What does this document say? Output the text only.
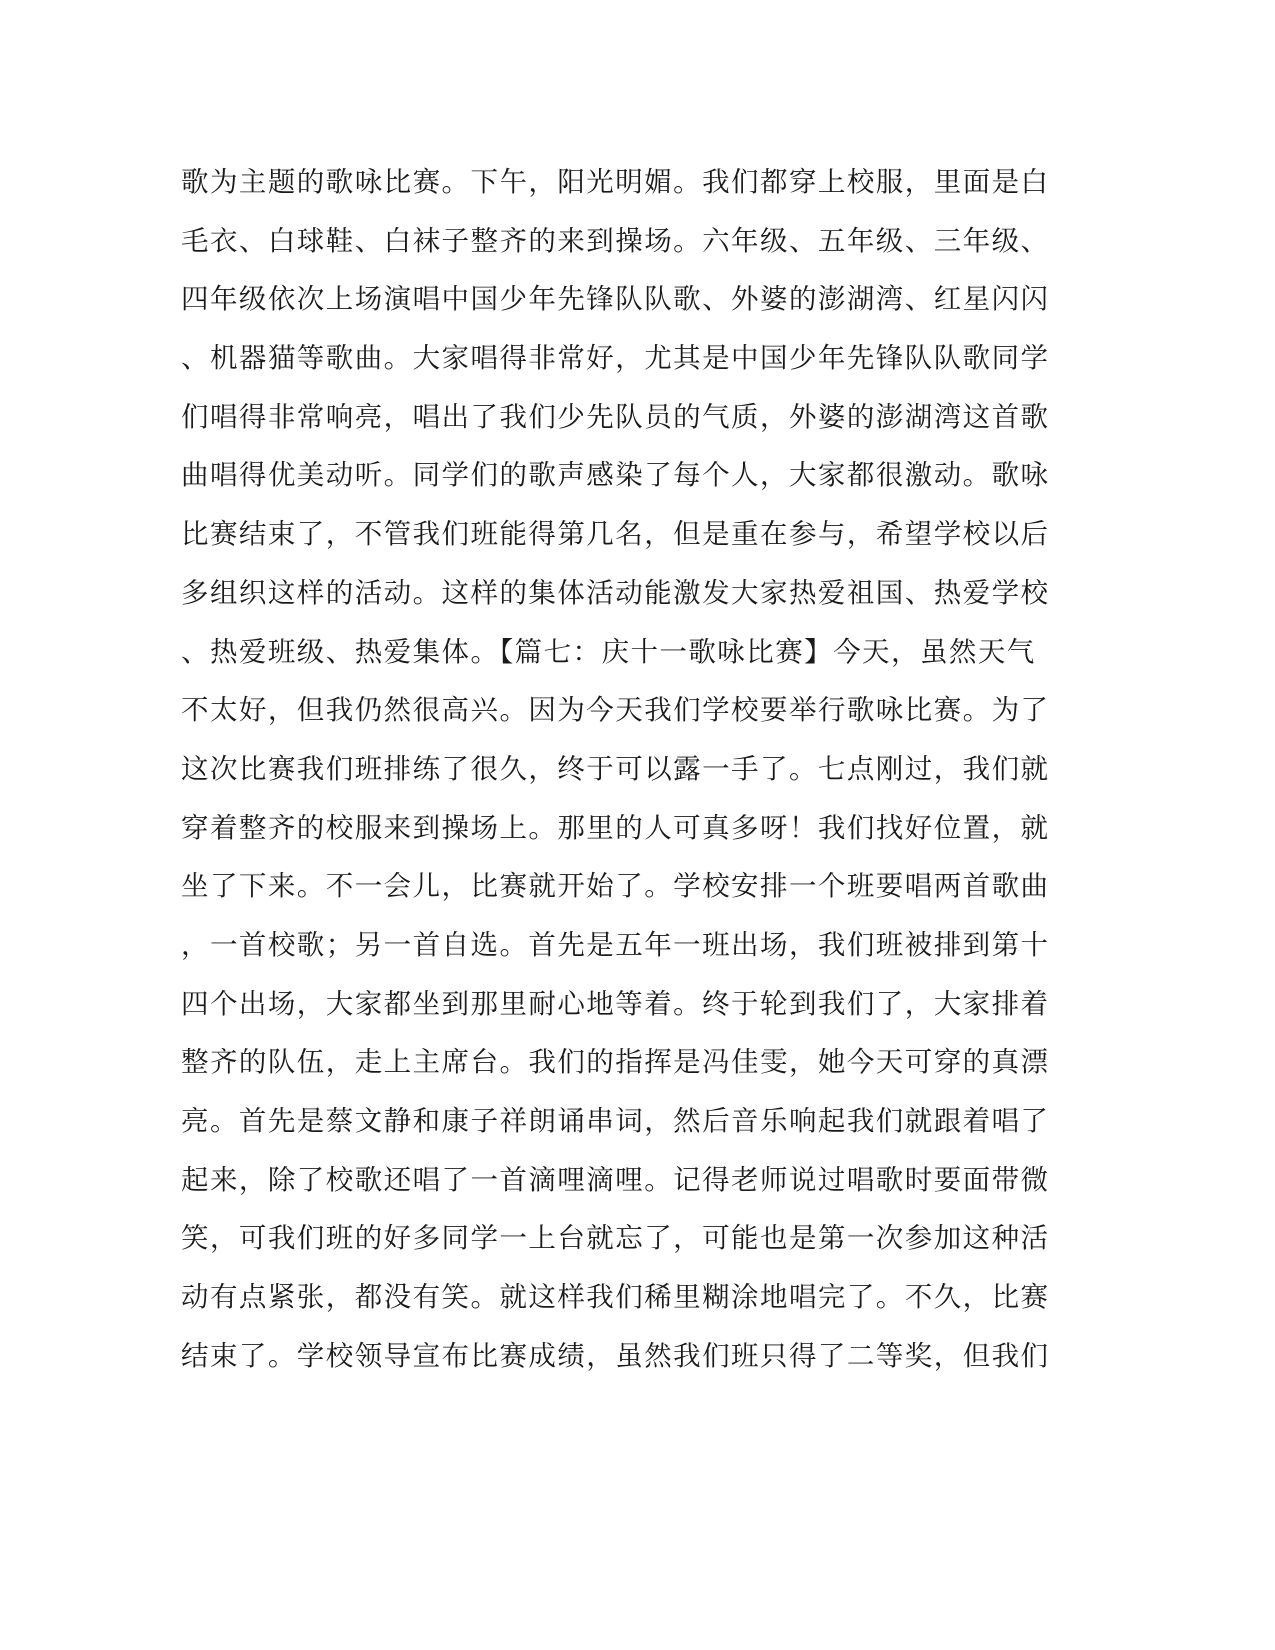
歌为主题的歌咏比赛。下午，阳光明媚。我们都穿上校服，里面是白
毛衣、白球鞋、白袜子整齐的来到操场。六年级、五年级、三年级、
四年级依次上场演唱中国少年先锋队队歌、外婆的澎湖湾、红星闪闪
、机器猫等歌曲。大家唱得非常好，尤其是中国少年先锋队队歌同学
们唱得非常响亮，唱出了我们少先队员的气质，外婆的澎湖湾这首歌
曲唱得优美动听。同学们的歌声感染了每个人，大家都很激动。歌咏
比赛结束了，不管我们班能得第几名，但是重在参与，希望学校以后
多组织这样的活动。这样的集体活动能激发大家热爱祖国、热爱学校
、热爱班级、热爱集体。【篇七：庆十一歌咏比赛】今天，虽然天气
不太好，但我仍然很高兴。因为今天我们学校要举行歌咏比赛。为了
这次比赛我们班排练了很久，终于可以露一手了。七点刚过，我们就
穿着整齐的校服来到操场上。那里的人可真多呀！我们找好位置，就
坐了下来。不一会儿，比赛就开始了。学校安排一个班要唱两首歌曲
，一首校歌；另一首自选。首先是五年一班出场，我们班被排到第十
四个出场，大家都坐到那里耐心地等着。终于轮到我们了，大家排着
整齐的队伍，走上主席台。我们的指挥是冯佳雯，她今天可穿的真漂
亮。首先是蔡文静和康子祥朗诵串词，然后音乐响起我们就跟着唱了
起来，除了校歌还唱了一首滴哩滴哩。记得老师说过唱歌时要面带微
笑，可我们班的好多同学一上台就忘了，可能也是第一次参加这种活
动有点紧张，都没有笑。就这样我们稀里糊涂地唱完了。不久，比赛
结束了。学校领导宣布比赛成绩，虽然我们班只得了二等奖，但我们
